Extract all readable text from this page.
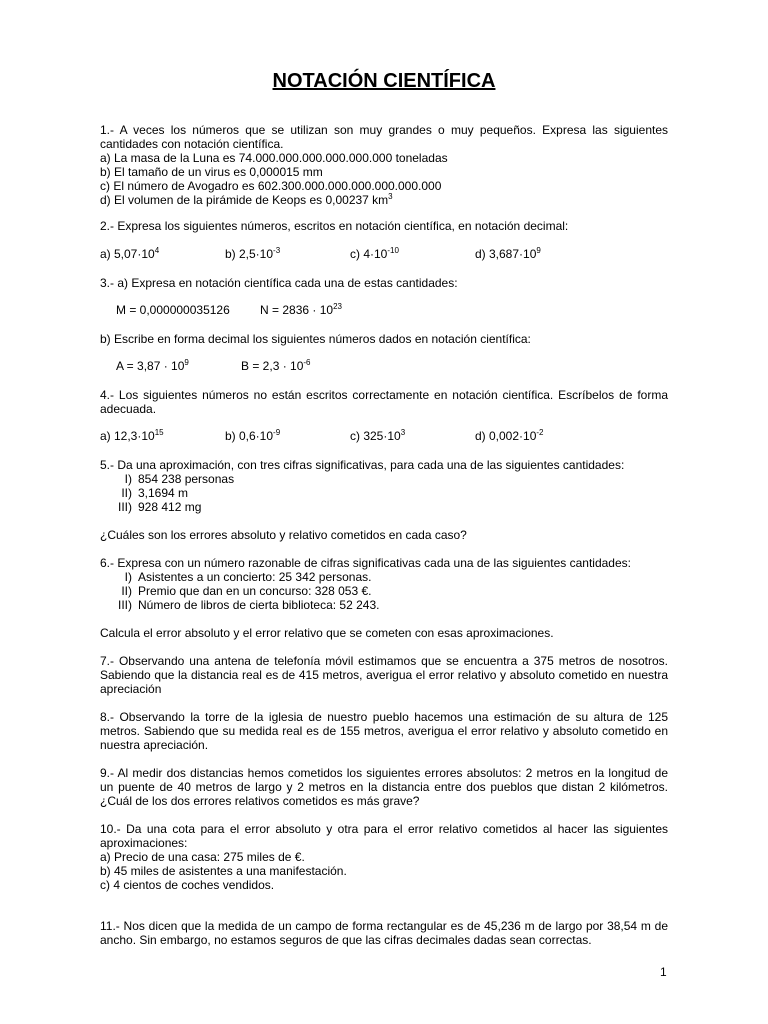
NOTACIÓN CIENTÍFICA
1.- A veces los números que se utilizan son muy grandes o muy pequeños. Expresa las siguientes cantidades con notación científica.
a) La masa de la Luna es 74.000.000.000.000.000.000 toneladas
b) El tamaño de un virus es 0,000015 mm
c) El número de Avogadro es 602.300.000.000.000.000.000.000
d) El volumen de la pirámide de Keops es 0,00237 $km^3$
2.- Expresa los siguientes números, escritos en notación científica, en notación decimal:
a) $5,07\cdot 10^4$	b) $2,5\cdot 10^{-3}$	c) $4\cdot 10^{-10}$	d) $3,687\cdot 10^9$
3.- a) Expresa en notación científica cada una de estas cantidades:
M = 0,000000035126	$N = 2836 \cdot 10^{23}$
b) Escribe en forma decimal los siguientes números dados en notación científica:
$A = 3,87 \cdot 10^9$	$B = 2,3 \cdot 10^{-6}$
4.- Los siguientes números no están escritos correctamente en notación científica. Escríbelos de forma adecuada.
a) $12,3\cdot 10^{15}$	b) $0,6\cdot 10^{-9}$	c) $325\cdot 10^3$	d) $0,002\cdot 10^{-2}$
5.- Da una aproximación, con tres cifras significativas, para cada una de las siguientes cantidades:
I) 854 238 personas
II) 3,1694 m
III) 928 412 mg
¿Cuáles son los errores absoluto y relativo cometidos en cada caso?
6.- Expresa con un número razonable de cifras significativas cada una de las siguientes cantidades:
I) Asistentes a un concierto: 25 342 personas.
II) Premio que dan en un concurso: 328 053 €.
III) Número de libros de cierta biblioteca: 52 243.
Calcula el error absoluto y el error relativo que se cometen con esas aproximaciones.
7.- Observando una antena de telefonía móvil estimamos que se encuentra a 375 metros de nosotros. Sabiendo que la distancia real es de 415 metros, averigua el error relativo y absoluto cometido en nuestra apreciación
8.- Observando la torre de la iglesia de nuestro pueblo hacemos una estimación de su altura de 125 metros. Sabiendo que su medida real es de 155 metros, averigua el error relativo y absoluto cometido en nuestra apreciación.
9.- Al medir dos distancias hemos cometidos los siguientes errores absolutos: 2 metros en la longitud de un puente de 40 metros de largo y 2 metros en la distancia entre dos pueblos que distan 2 kilómetros. ¿Cuál de los dos errores relativos cometidos es más grave?
10.- Da una cota para el error absoluto y otra para el error relativo cometidos al hacer las siguientes aproximaciones:
a) Precio de una casa: 275 miles de €.
b) 45 miles de asistentes a una manifestación.
c) 4 cientos de coches vendidos.
11.- Nos dicen que la medida de un campo de forma rectangular es de 45,236 m de largo por 38,54 m de ancho. Sin embargo, no estamos seguros de que las cifras decimales dadas sean correctas.
1
